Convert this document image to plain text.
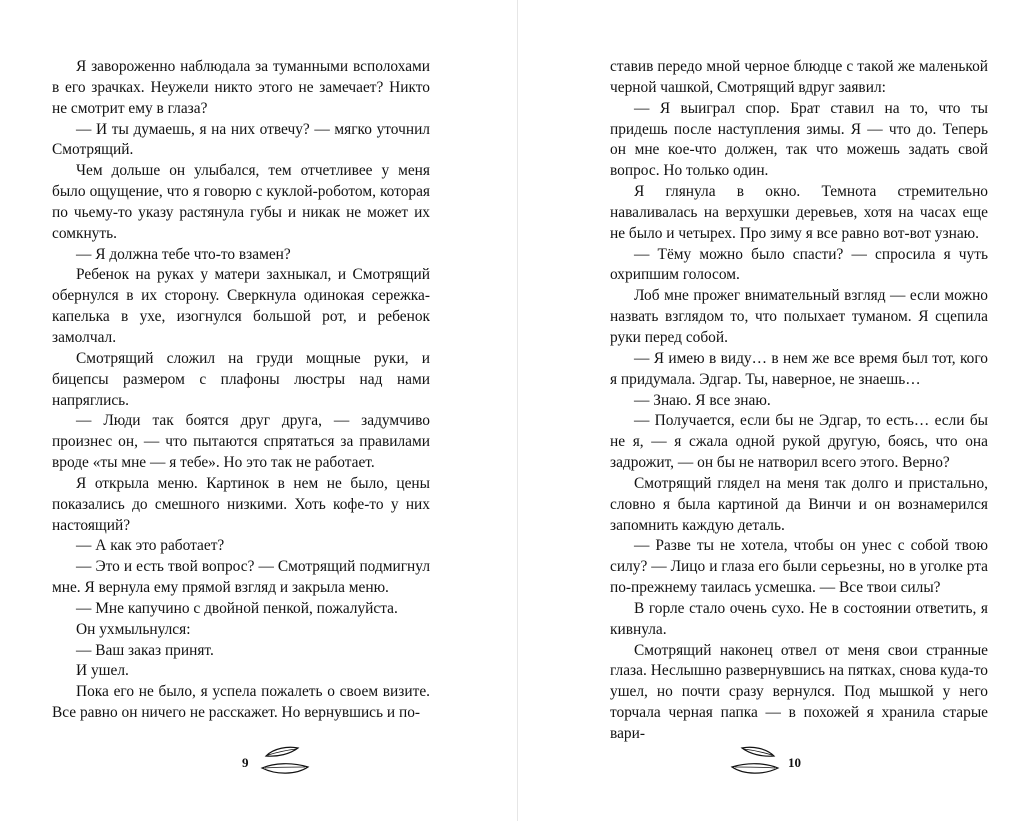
Я завороженно наблюдала за туманными всполохами в его зрачках. Неужели никто этого не замечает? Никто не смотрит ему в глаза?

— И ты думаешь, я на них отвечу? — мягко уточнил Смотрящий.

Чем дольше он улыбался, тем отчетливее у меня было ощущение, что я говорю с куклой-роботом, которая по чьему-то указу растянула губы и никак не может их сомкнуть.

— Я должна тебе что-то взамен?

Ребенок на руках у матери захныкал, и Смотрящий обернулся в их сторону. Сверкнула одинокая сережка-капелька в ухе, изогнулся большой рот, и ребенок замолчал.

Смотрящий сложил на груди мощные руки, и бицепсы размером с плафоны люстры над нами напряглись.

— Люди так боятся друг друга, — задумчиво произнес он, — что пытаются спрятаться за правилами вроде «ты мне — я тебе». Но это так не работает.

Я открыла меню. Картинок в нем не было, цены показались до смешного низкими. Хоть кофе-то у них настоящий?

— А как это работает?

— Это и есть твой вопрос? — Смотрящий подмигнул мне. Я вернула ему прямой взгляд и закрыла меню.

— Мне капучино с двойной пенкой, пожалуйста.

Он ухмыльнулся:

— Ваш заказ принят.

И ушел.

Пока его не было, я успела пожалеть о своем визите. Все равно он ничего не расскажет. Но вернувшись и по-

ставив передо мной черное блюдце с такой же маленькой черной чашкой, Смотрящий вдруг заявил:

— Я выиграл спор. Брат ставил на то, что ты придешь после наступления зимы. Я — что до. Теперь он мне кое-что должен, так что можешь задать свой вопрос. Но только один.

Я глянула в окно. Темнота стремительно наваливалась на верхушки деревьев, хотя на часах еще не было и четырех. Про зиму я все равно вот-вот узнаю.

— Тёму можно было спасти? — спросила я чуть охрипшим голосом.

Лоб мне прожег внимательный взгляд — если можно назвать взглядом то, что полыхает туманом. Я сцепила руки перед собой.

— Я имею в виду… в нем же все время был тот, кого я придумала. Эдгар. Ты, наверное, не знаешь…

— Знаю. Я все знаю.

— Получается, если бы не Эдгар, то есть… если бы не я, — я сжала одной рукой другую, боясь, что она задрожит, — он бы не натворил всего этого. Верно?

Смотрящий глядел на меня так долго и пристально, словно я была картиной да Винчи и он вознамерился запомнить каждую деталь.

— Разве ты не хотела, чтобы он унес с собой твою силу? — Лицо и глаза его были серьезны, но в уголке рта по-прежнему таилась усмешка. — Все твои силы?

В горле стало очень сухо. Не в состоянии ответить, я кивнула.

Смотрящий наконец отвел от меня свои странные глаза. Неслышно развернувшись на пятках, снова куда-то ушел, но почти сразу вернулся. Под мышкой у него торчала черная папка — в похожей я хранила старые вари-

9	10
